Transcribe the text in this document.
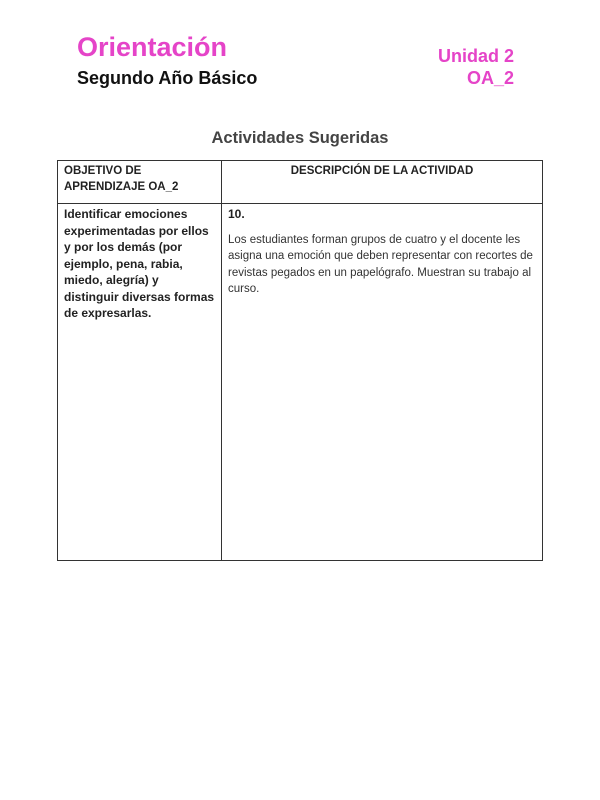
Orientación
Segundo Año Básico
Unidad 2
OA_2
Actividades Sugeridas
OBJETIVO DE APRENDIZAJE OA_2	DESCRIPCIÓN DE LA ACTIVIDAD
Identificar emociones experimentadas por ellos y por los demás (por ejemplo, pena, rabia, miedo, alegría) y distinguir diversas formas de expresarlas.	10.
Los estudiantes forman grupos de cuatro y el docente les asigna una emoción que deben representar con recortes de revistas pegados en un papelógrafo. Muestran su trabajo al curso.
